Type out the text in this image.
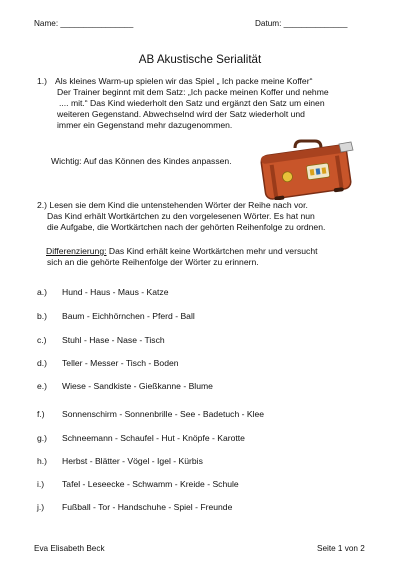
Name: ________________	Datum: ______________
AB Akustische Serialität
1.) Als kleines Warm-up spielen wir das Spiel „ Ich packe meine Koffer“
Der Trainer beginnt mit dem Satz: „Ich packe meinen Koffer und nehme
.... mit.“ Das Kind wiederholt den Satz und ergänzt den Satz um einen
weiteren Gegenstand. Abwechselnd wird der Satz wiederholt und
immer ein Gegenstand mehr dazugenommen.
Wichtig: Auf das Können des Kindes anpassen.
2.) Lesen sie dem Kind die untenstehenden Wörter der Reihe nach vor.
Das Kind erhält Wortkärtchen zu den vorgelesenen Wörter. Es hat nun
die Aufgabe, die Wortkärtchen nach der gehörten Reihenfolge zu ordnen.
Differenzierung: Das Kind erhält keine Wortkärtchen mehr und versucht
sich an die gehörte Reihenfolge der Wörter zu erinnern.
a.) Hund - Haus - Maus - Katze
b.) Baum - Eichhörnchen - Pferd - Ball
c.) Stuhl - Hase - Nase - Tisch
d.) Teller - Messer - Tisch - Boden
e.) Wiese - Sandkiste - Gießkanne - Blume
f.) Sonnenschirm - Sonnenbrille - See - Badetuch - Klee
g.) Schneemann - Schaufel - Hut - Knöpfe - Karotte
h.) Herbst - Blätter - Vögel - Igel - Kürbis
i.) Tafel - Leseecke - Schwamm - Kreide - Schule
j.) Fußball - Tor - Handschuhe - Spiel - Freunde
Eva Elisabeth Beck	Seite 1 von 2
